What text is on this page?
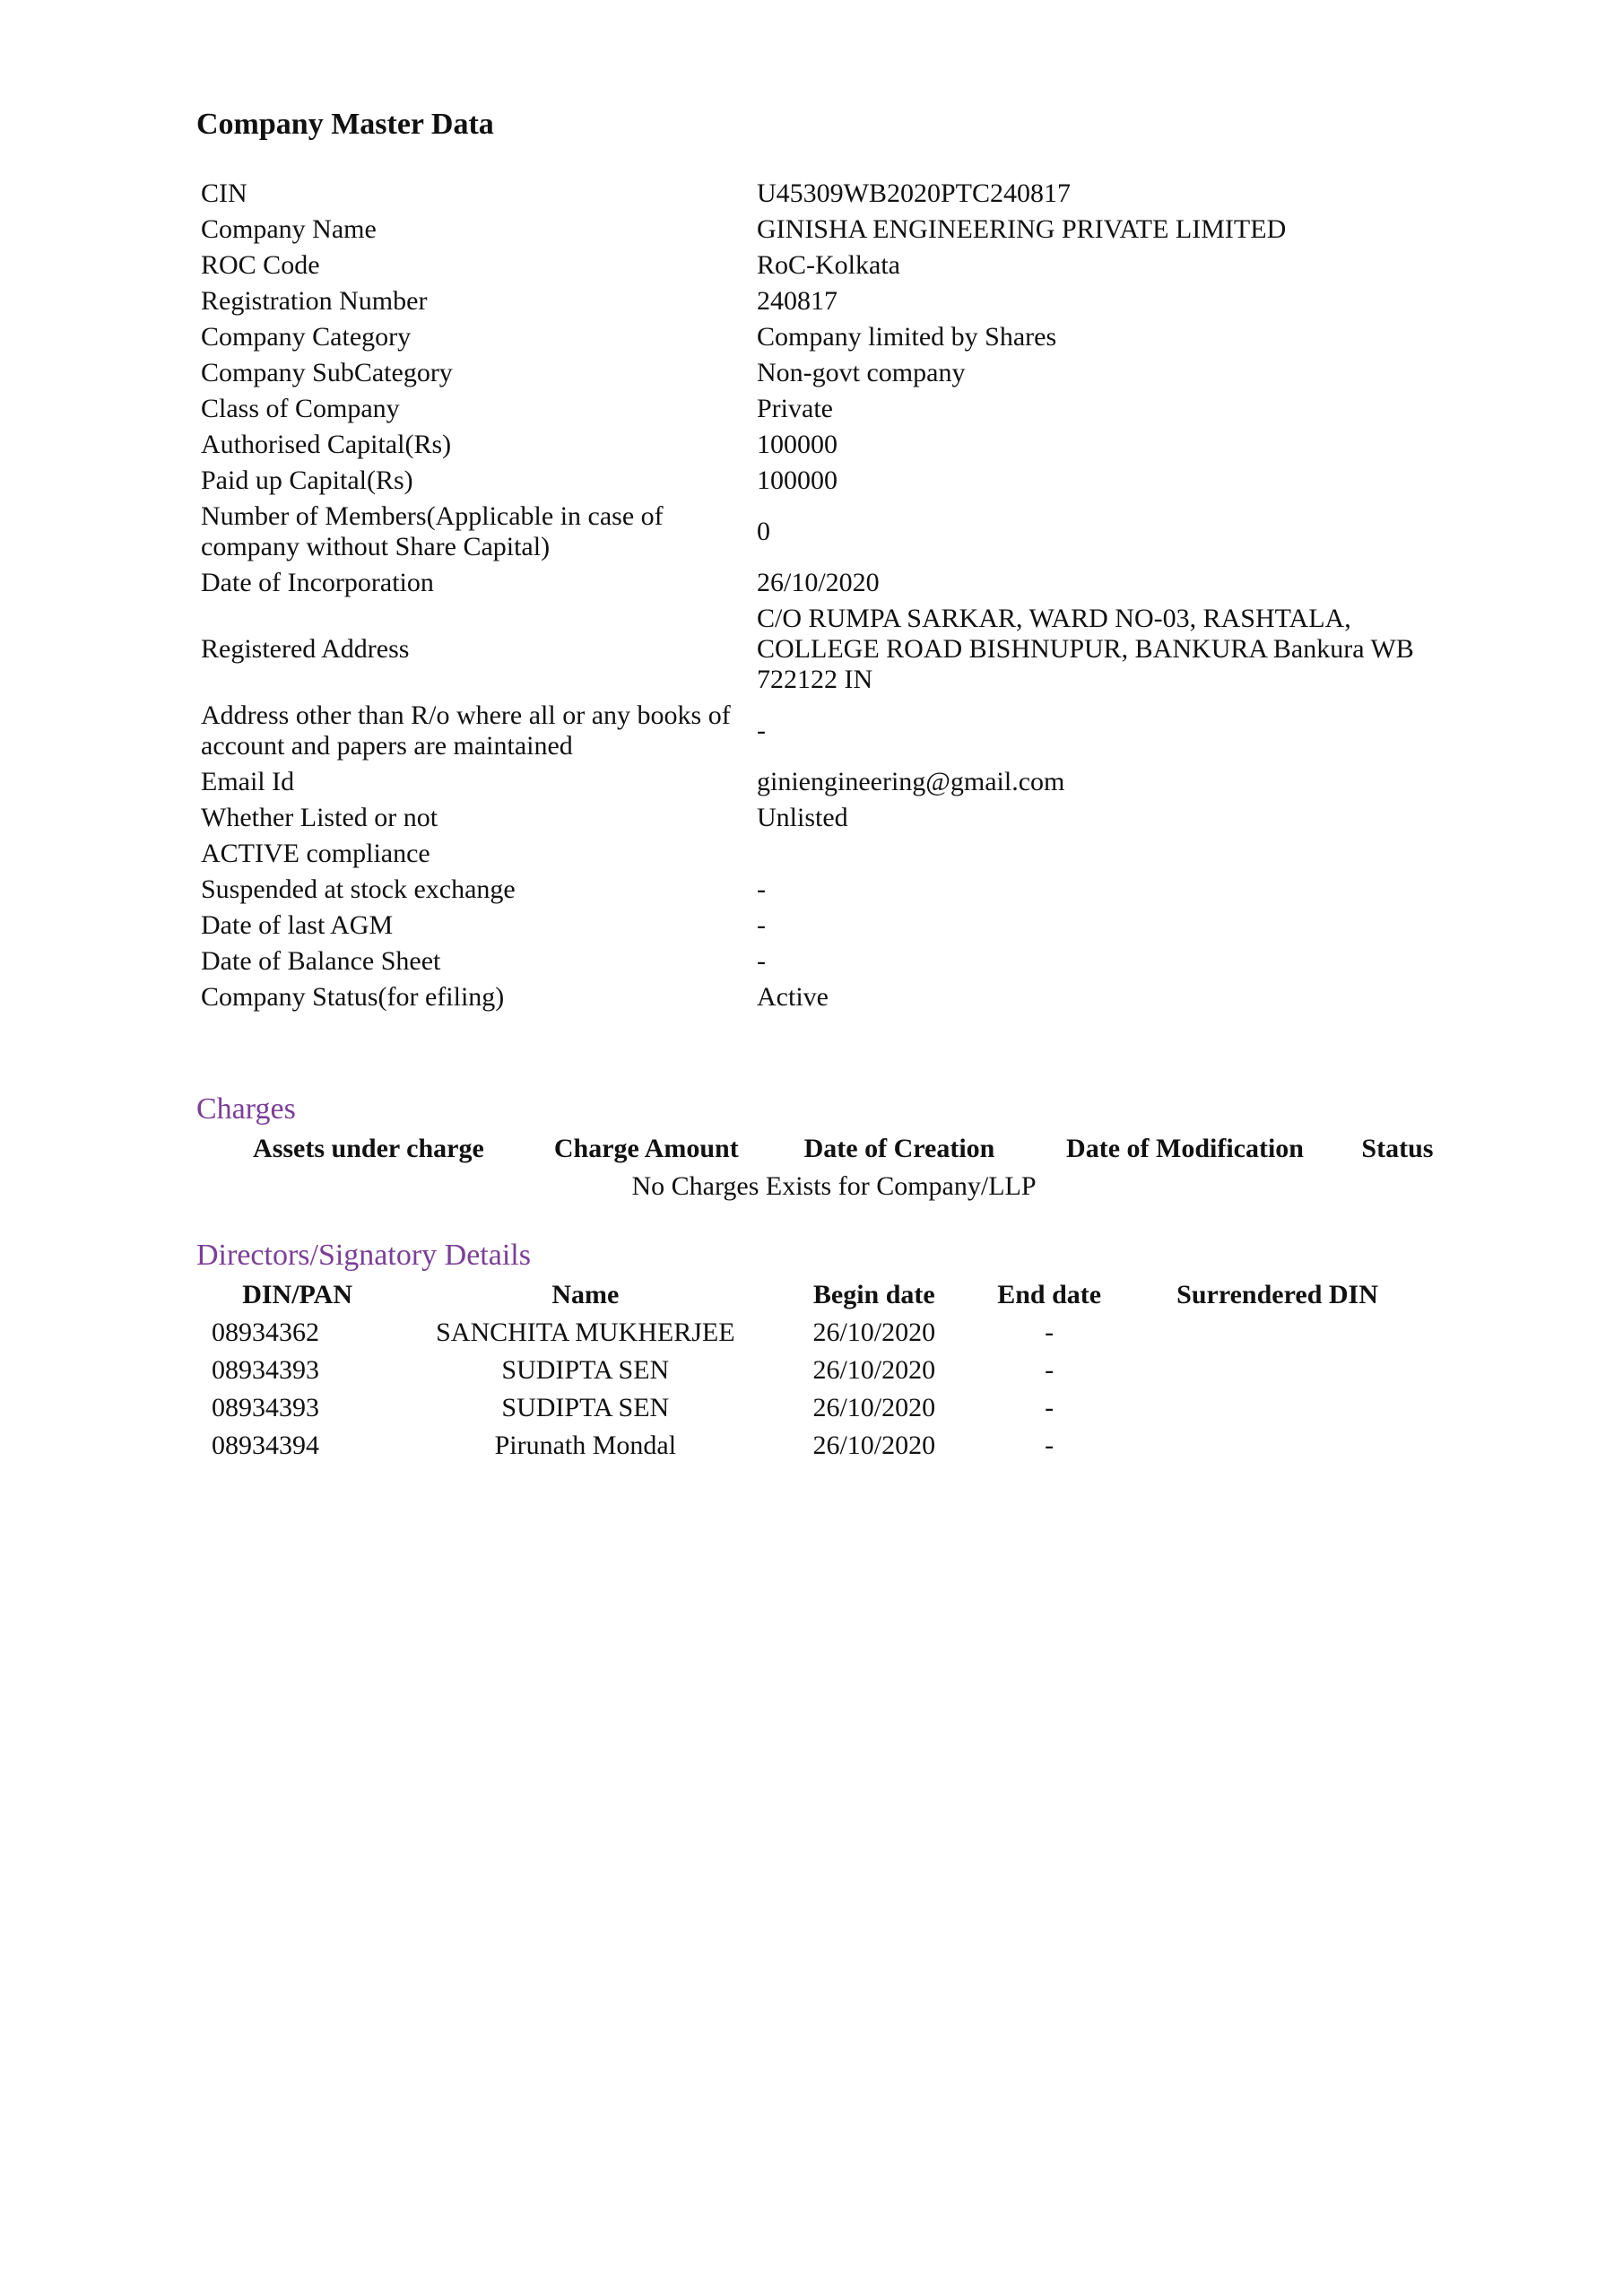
Company Master Data
CIN	U45309WB2020PTC240817
Company Name	GINISHA ENGINEERING PRIVATE LIMITED
ROC Code	RoC-Kolkata
Registration Number	240817
Company Category	Company limited by Shares
Company SubCategory	Non-govt company
Class of Company	Private
Authorised Capital(Rs)	100000
Paid up Capital(Rs)	100000
Number of Members(Applicable in case of company without Share Capital)	0
Date of Incorporation	26/10/2020
Registered Address	C/O RUMPA SARKAR, WARD NO-03, RASHTALA, COLLEGE ROAD BISHNUPUR, BANKURA Bankura WB 722122 IN
Address other than R/o where all or any books of account and papers are maintained	-
Email Id	giniengineering@gmail.com
Whether Listed or not	Unlisted
ACTIVE compliance	
Suspended at stock exchange	-
Date of last AGM	-
Date of Balance Sheet	-
Company Status(for efiling)	Active
Charges
Assets under charge	Charge Amount	Date of Creation	Date of Modification	Status
No Charges Exists for Company/LLP
Directors/Signatory Details
DIN/PAN	Name	Begin date	End date	Surrendered DIN
08934362	SANCHITA MUKHERJEE	26/10/2020	-	
08934393	SUDIPTA SEN	26/10/2020	-	
08934393	SUDIPTA SEN	26/10/2020	-	
08934394	Pirunath Mondal	26/10/2020	-	
